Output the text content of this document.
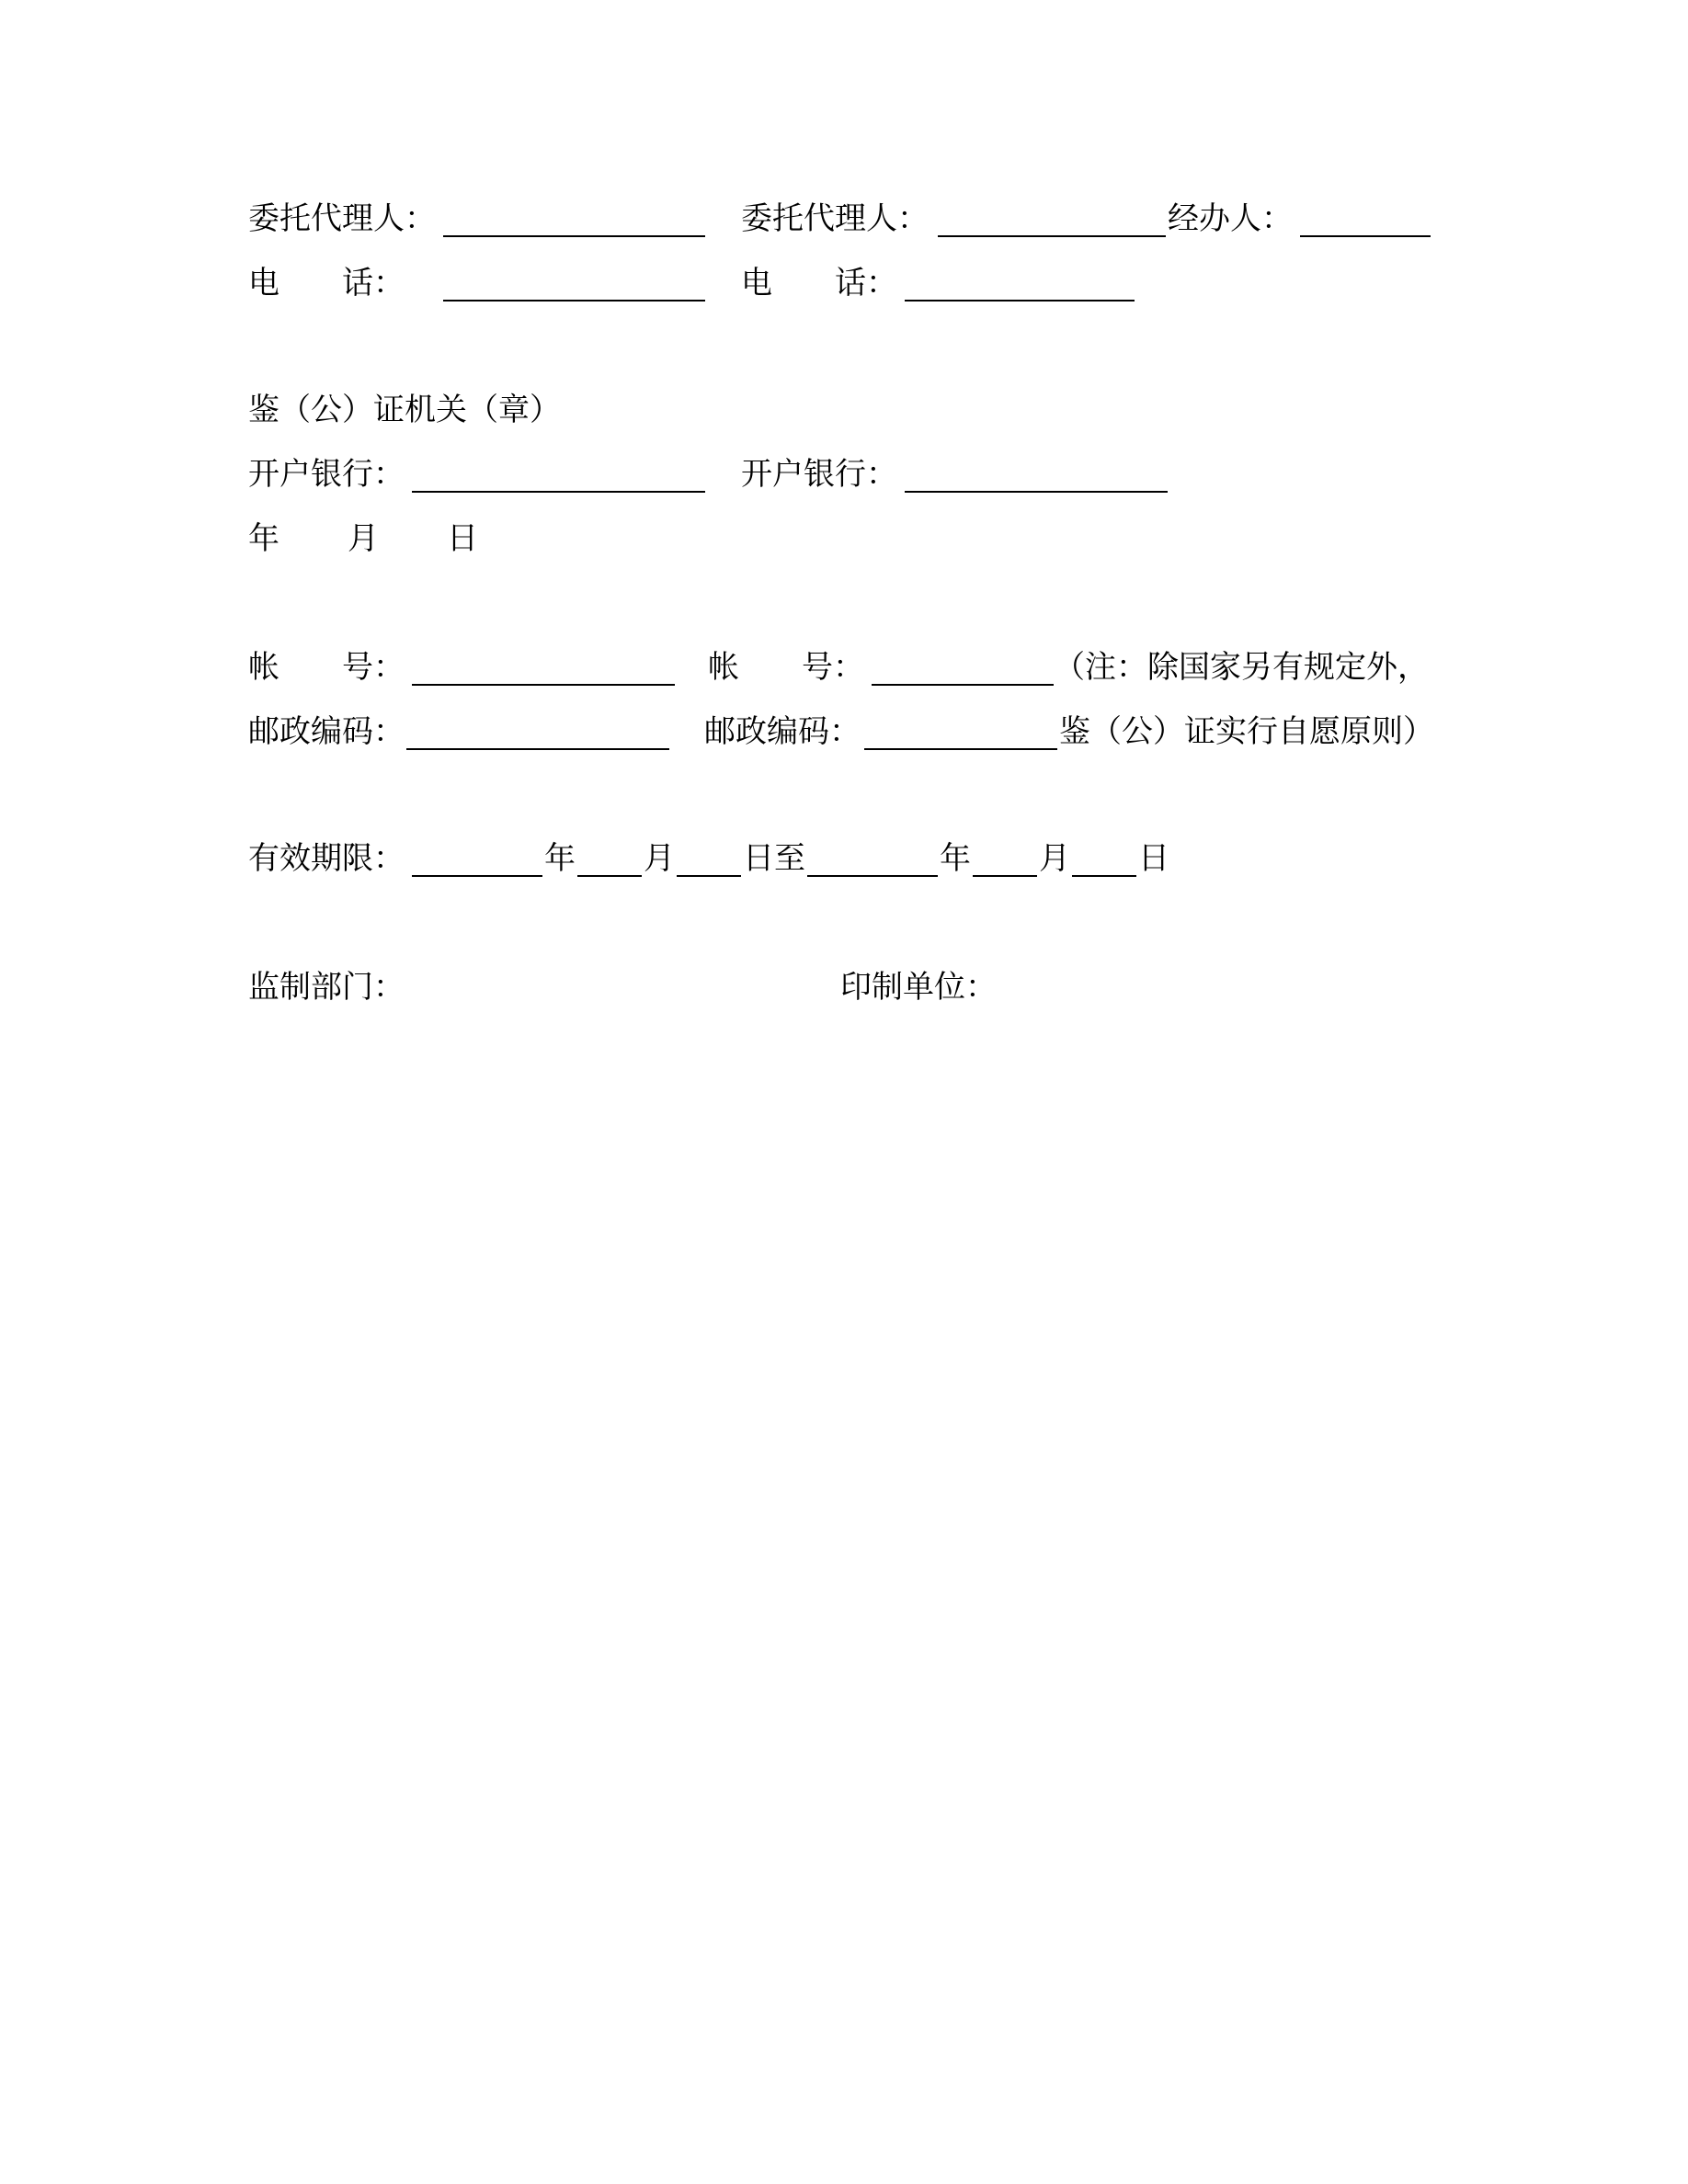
委托代理人：	委托代理人：	经办人：
电　　话：	电　　话：
鉴（公）证机关（章）
开户银行：	开户银行：
年 月 日
帐　　号：	帐　　号：	（注：除国家另有规定外，
邮政编码：	邮政编码：	鉴（公）证实行自愿原则）
有效期限：	年 月 日至	年 月 日
监制部门：	印制单位：
